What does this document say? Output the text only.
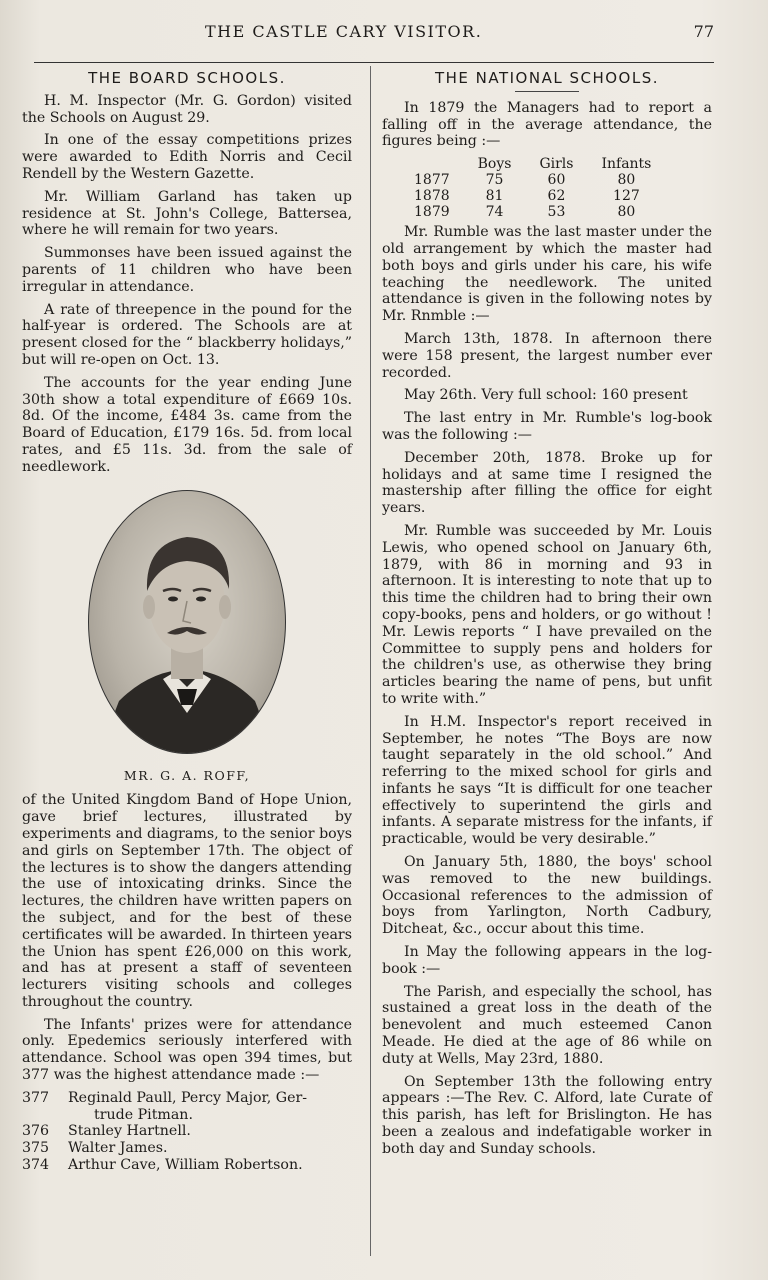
THE CASTLE CARY VISITOR.	77
THE BOARD SCHOOLS.

H. M. Inspector (Mr. G. Gordon) visited the Schools on August 29.

In one of the essay competitions prizes were awarded to Edith Norris and Cecil Rendell by the Western Gazette.

Mr. William Garland has taken up residence at St. John's College, Battersea, where he will remain for two years.

Summonses have been issued against the parents of 11 children who have been irregular in attendance.

A rate of threepence in the pound for the half-year is ordered. The Schools are at present closed for the “ blackberry holidays,” but will re-open on Oct. 13.

The accounts for the year ending June 30th show a total expenditure of £669 10s. 8d. Of the income, £484 3s. came from the Board of Education, £179 16s. 5d. from local rates, and £5 11s. 3d. from the sale of needlework.

MR. G. A. ROFF,

of the United Kingdom Band of Hope Union, gave brief lectures, illustrated by experiments and diagrams, to the senior boys and girls on September 17th. The object of the lectures is to show the dangers attending the use of intoxicating drinks. Since the lectures, the children have written papers on the subject, and for the best of these certificates will be awarded. In thirteen years the Union has spent £26,000 on this work, and has at present a staff of seventeen lecturers visiting schools and colleges throughout the country.

The Infants' prizes were for attendance only. Epedemics seriously interfered with attendance. School was open 394 times, but 377 was the highest attendance made :—

377	Reginald Paull, Percy Major, Ger-
trude Pitman.
376	Stanley Hartnell.
375	Walter James.
374	Arthur Cave, William Robertson.
THE NATIONAL SCHOOLS.

In 1879 the Managers had to report a falling off in the average attendance, the figures being :—

	Boys	Girls	Infants
1877	75	60	80
1878	81	62	127
1879	74	53	80

Mr. Rumble was the last master under the old arrangement by which the master had both boys and girls under his care, his wife teaching the needlework. The united attendance is given in the following notes by Mr. Rnmble :—

March 13th, 1878. In afternoon there were 158 present, the largest number ever recorded.

May 26th. Very full school: 160 present

The last entry in Mr. Rumble's log-book was the following :—

December 20th, 1878. Broke up for holidays and at same time I resigned the mastership after filling the office for eight years.

Mr. Rumble was succeeded by Mr. Louis Lewis, who opened school on January 6th, 1879, with 86 in morning and 93 in afternoon. It is interesting to note that up to this time the children had to bring their own copy-books, pens and holders, or go without ! Mr. Lewis reports “ I have prevailed on the Committee to supply pens and holders for the children's use, as otherwise they bring articles bearing the name of pens, but unfit to write with.”

In H.M. Inspector's report received in September, he notes “The Boys are now taught separately in the old school.” And referring to the mixed school for girls and infants he says “It is difficult for one teacher effectively to superintend the girls and infants. A separate mistress for the infants, if practicable, would be very desirable.”

On January 5th, 1880, the boys' school was removed to the new buildings. Occasional references to the admission of boys from Yarlington, North Cadbury, Ditcheat, &c., occur about this time.

In May the following appears in the log-book :—

The Parish, and especially the school, has sustained a great loss in the death of the benevolent and much esteemed Canon Meade. He died at the age of 86 while on duty at Wells, May 23rd, 1880.

On September 13th the following entry appears :—The Rev. C. Alford, late Curate of this parish, has left for Brislington. He has been a zealous and indefatigable worker in both day and Sunday schools.
